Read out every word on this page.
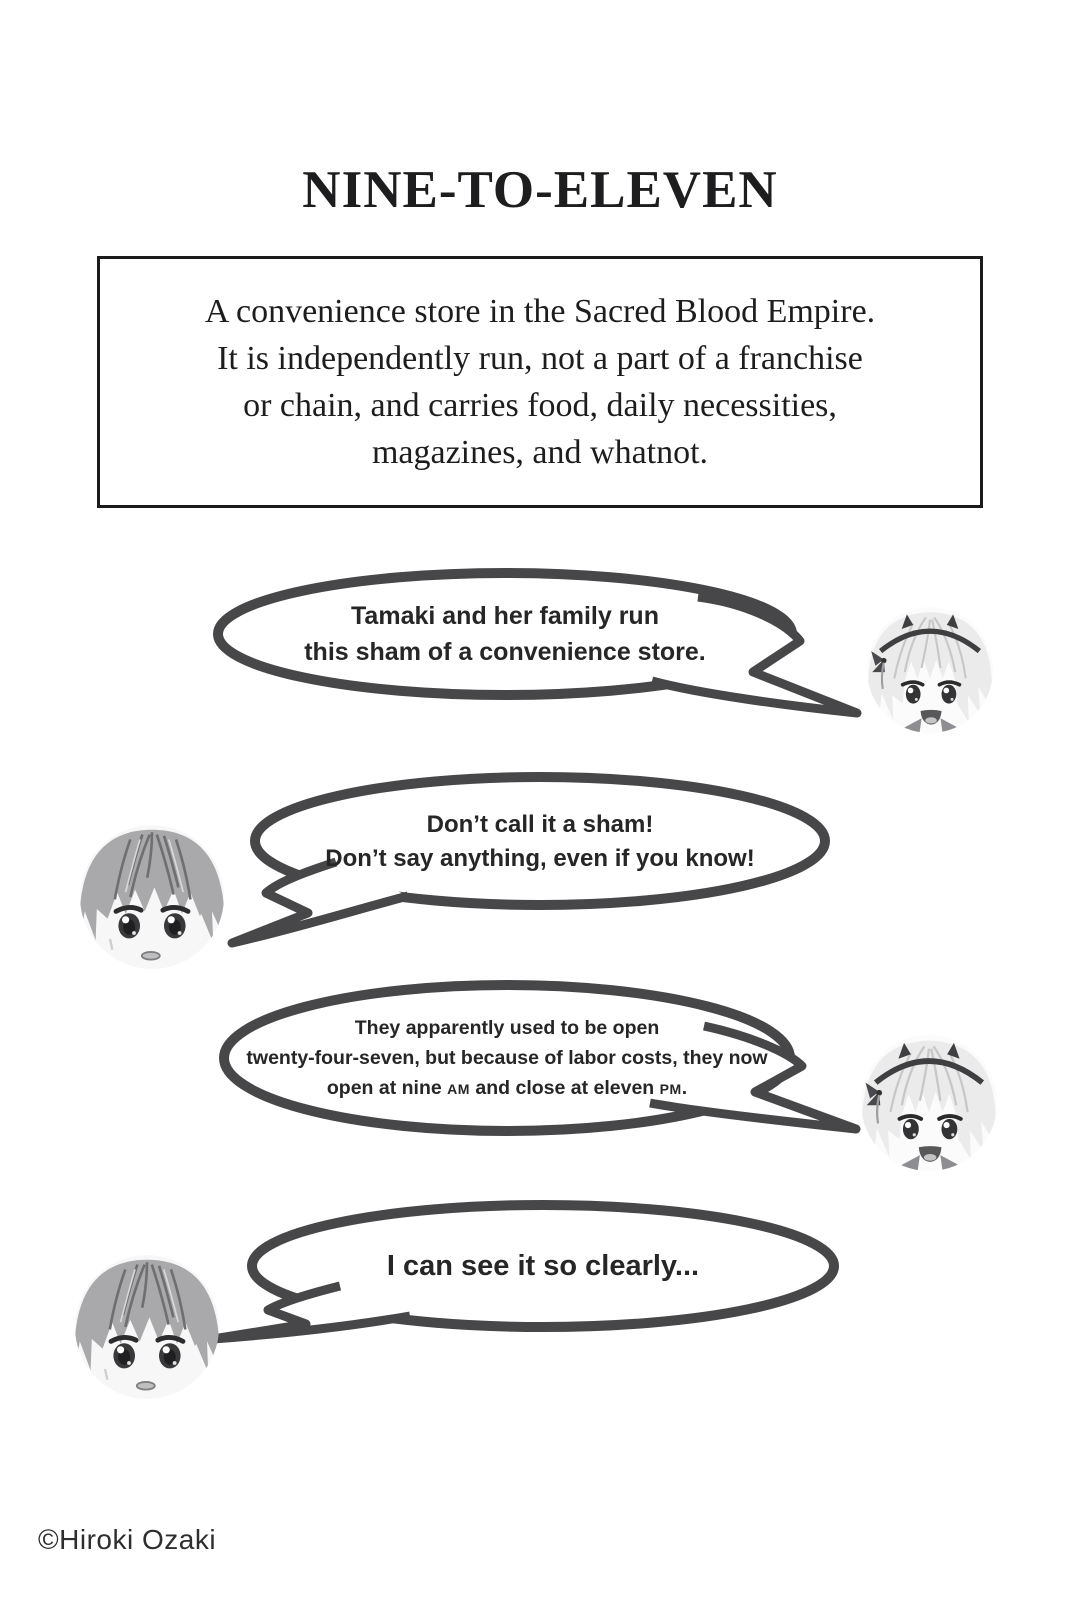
NINE-TO-ELEVEN
A convenience store in the Sacred Blood Empire.
It is independently run, not a part of a franchise
or chain, and carries food, daily necessities,
magazines, and whatnot.
Tamaki and her family run
this sham of a convenience store.
Don’t call it a sham!
Don’t say anything, even if you know!
They apparently used to be open
twenty-four-seven, but because of labor costs, they now
open at nine AM and close at eleven PM.
I can see it so clearly...
©Hiroki Ozaki
